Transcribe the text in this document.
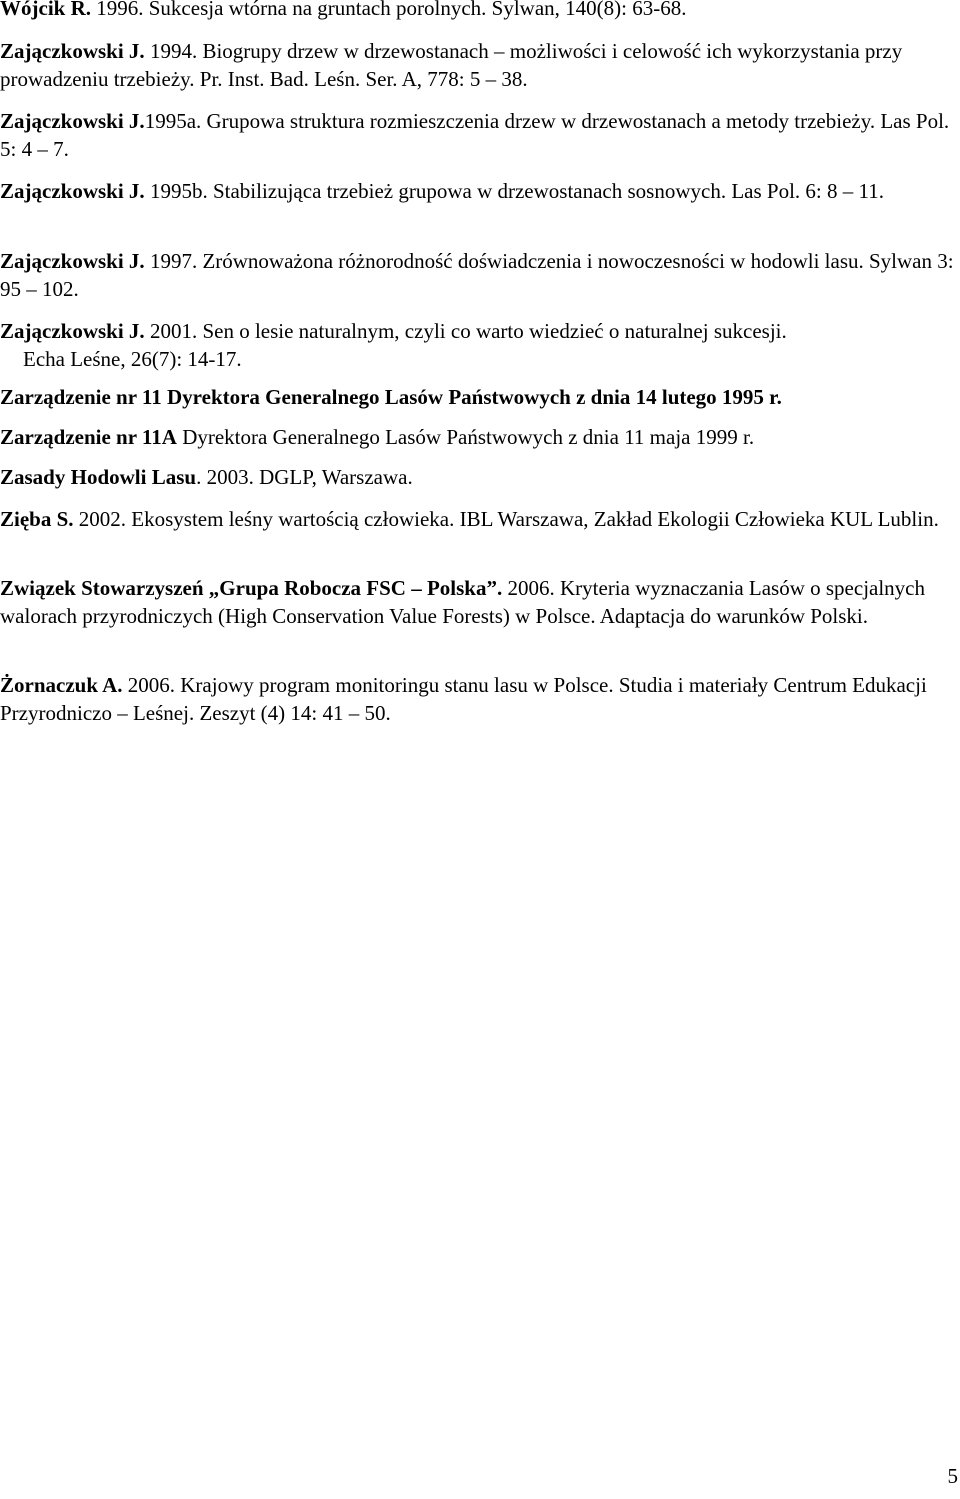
Wójcik R. 1996. Sukcesja wtórna na gruntach porolnych. Sylwan, 140(8): 63-68.

Zajączkowski J. 1994. Biogrupy drzew w drzewostanach – możliwości i celowość ich wykorzystania przy prowadzeniu trzebieży. Pr. Inst. Bad. Leśn. Ser. A, 778: 5 – 38.

Zajączkowski J.1995a. Grupowa struktura rozmieszczenia drzew w drzewostanach a metody trzebieży. Las Pol. 5: 4 – 7.

Zajączkowski J. 1995b. Stabilizująca trzebież grupowa w drzewostanach sosnowych. Las Pol. 6: 8 – 11.

Zajączkowski J. 1997. Zrównoważona różnorodność doświadczenia i nowoczesności w hodowli lasu. Sylwan 3: 95 – 102.

Zajączkowski J. 2001. Sen o lesie naturalnym, czyli co warto wiedzieć o naturalnej sukcesji.
Echa Leśne, 26(7): 14-17.

Zarządzenie nr 11 Dyrektora Generalnego Lasów Państwowych z dnia 14 lutego 1995 r.

Zarządzenie nr 11A Dyrektora Generalnego Lasów Państwowych z dnia 11 maja 1999 r.

Zasady Hodowli Lasu. 2003. DGLP, Warszawa.

Zięba S. 2002. Ekosystem leśny wartością człowieka. IBL Warszawa, Zakład Ekologii Człowieka KUL Lublin.

Związek Stowarzyszeń „Grupa Robocza FSC – Polska”. 2006. Kryteria wyznaczania Lasów o specjalnych walorach przyrodniczych (High Conservation Value Forests) w Polsce. Adaptacja do warunków Polski.

Żornaczuk A. 2006. Krajowy program monitoringu stanu lasu w Polsce. Studia i materiały Centrum Edukacji Przyrodniczo – Leśnej. Zeszyt (4) 14: 41 – 50.

5
